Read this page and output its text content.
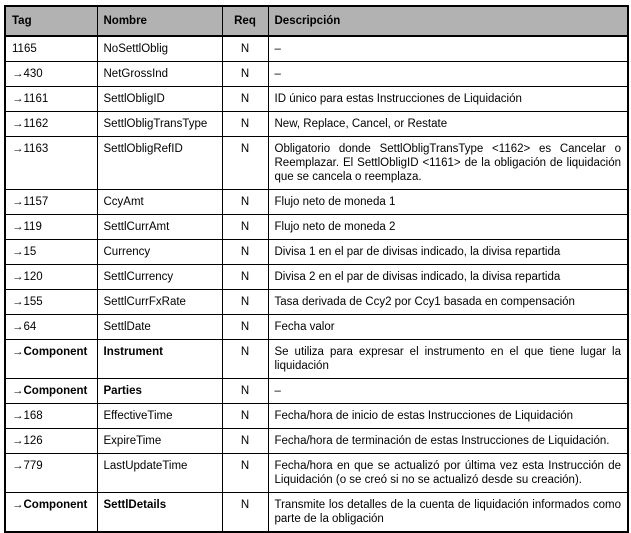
Tag	Nombre	Req	Descripción
1165	NoSettlOblig	N	–
→430	NetGrossInd	N	–
→1161	SettlObligID	N	ID único para estas Instrucciones de Liquidación
→1162	SettlObligTransType	N	New, Replace, Cancel, or Restate
→1163	SettlObligRefID	N	Obligatorio donde SettlObligTransType <1162> es Cancelar o Reemplazar. El SettlObligID <1161> de la obligación de liquidación que se cancela o reemplaza.
→1157	CcyAmt	N	Flujo neto de moneda 1
→119	SettlCurrAmt	N	Flujo neto de moneda 2
→15	Currency	N	Divisa 1 en el par de divisas indicado, la divisa repartida
→120	SettlCurrency	N	Divisa 2 en el par de divisas indicado, la divisa repartida
→155	SettlCurrFxRate	N	Tasa derivada de Ccy2 por Ccy1 basada en compensación
→64	SettlDate	N	Fecha valor
→Component	Instrument	N	Se utiliza para expresar el instrumento en el que tiene lugar la liquidación
→Component	Parties	N	–
→168	EffectiveTime	N	Fecha/hora de inicio de estas Instrucciones de Liquidación
→126	ExpireTime	N	Fecha/hora de terminación de estas Instrucciones de Liquidación.
→779	LastUpdateTime	N	Fecha/hora en que se actualizó por última vez esta Instrucción de Liquidación (o se creó si no se actualizó desde su creación).
→Component	SettlDetails	N	Transmite los detalles de la cuenta de liquidación informados como parte de la obligación
